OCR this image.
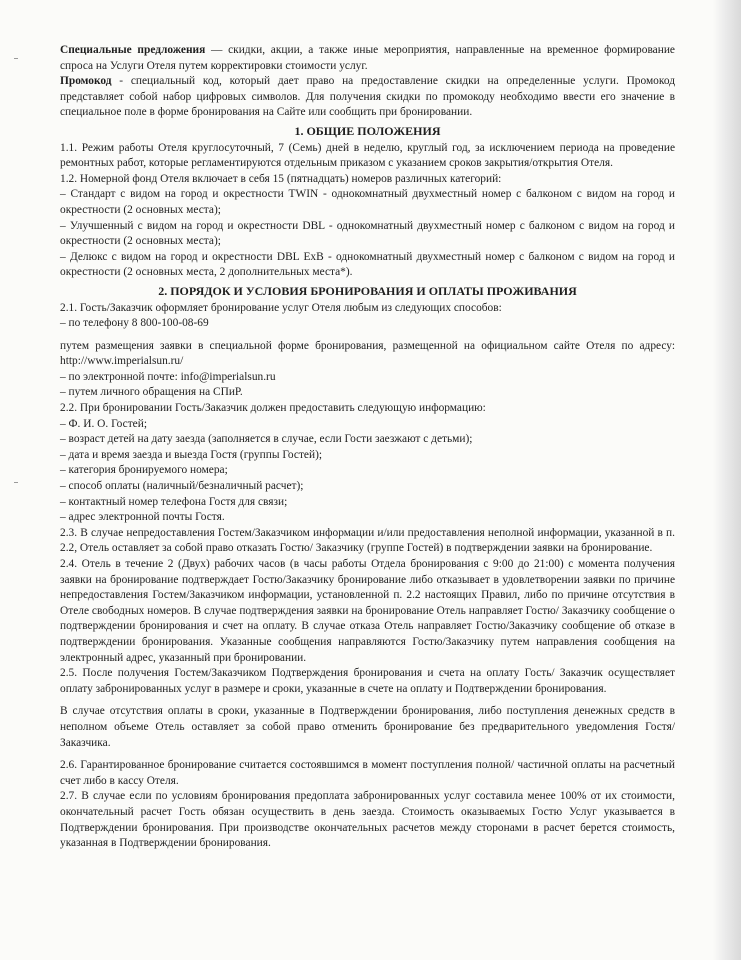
Специальные предложения — скидки, акции, а также иные мероприятия, направленные на временное формирование спроса на Услуги Отеля путем корректировки стоимости услуг.

Промокод - специальный код, который дает право на предоставление скидки на определенные услуги. Промокод представляет собой набор цифровых символов. Для получения скидки по промокоду необходимо ввести его значение в специальное поле в форме бронирования на Сайте или сообщить при бронировании.

1. ОБЩИЕ ПОЛОЖЕНИЯ

1.1. Режим работы Отеля круглосуточный, 7 (Семь) дней в неделю, круглый год, за исключением периода на проведение ремонтных работ, которые регламентируются отдельным приказом с указанием сроков закрытия/открытия Отеля.

1.2. Номерной фонд Отеля включает в себя 15 (пятнадцать) номеров различных категорий:

– Стандарт с видом на город и окрестности TWIN - однокомнатный двухместный номер с балконом с видом на город и окрестности (2 основных места);

– Улучшенный с видом на город и окрестности DBL - однокомнатный двухместный номер с балконом с видом на город и окрестности (2 основных места);

– Делюкс с видом на город и окрестности DBL ExB - однокомнатный двухместный номер с балконом с видом на город и окрестности (2 основных места, 2 дополнительных места*).

2. ПОРЯДОК И УСЛОВИЯ БРОНИРОВАНИЯ И ОПЛАТЫ ПРОЖИВАНИЯ

2.1. Гость/Заказчик оформляет бронирование услуг Отеля любым из следующих способов:

– по телефону 8 800-100-08-69

путем размещения заявки в специальной форме бронирования, размещенной на официальном сайте Отеля по адресу: http://www.imperialsun.ru/

– по электронной почте: info@imperialsun.ru

– путем личного обращения на СПиР.

2.2. При бронировании Гость/Заказчик должен предоставить следующую информацию:

– Ф. И. О. Гостей;

– возраст детей на дату заезда (заполняется в случае, если Гости заезжают с детьми);

– дата и время заезда и выезда Гостя (группы Гостей);

– категория бронируемого номера;

– способ оплаты (наличный/безналичный расчет);

– контактный номер телефона Гостя для связи;

– адрес электронной почты Гостя.

2.3. В случае непредоставления Гостем/Заказчиком информации и/или предоставления неполной информации, указанной в п. 2.2, Отель оставляет за собой право отказать Гостю/ Заказчику (группе Гостей) в подтверждении заявки на бронирование.

2.4. Отель в течение 2 (Двух) рабочих часов (в часы работы Отдела бронирования с 9:00 до 21:00) с момента получения заявки на бронирование подтверждает Гостю/Заказчику бронирование либо отказывает в удовлетворении заявки по причине непредоставления Гостем/Заказчиком информации, установленной п. 2.2 настоящих Правил, либо по причине отсутствия в Отеле свободных номеров. В случае подтверждения заявки на бронирование Отель направляет Гостю/ Заказчику сообщение о подтверждении бронирования и счет на оплату. В случае отказа Отель направляет Гостю/Заказчику сообщение об отказе в подтверждении бронирования. Указанные сообщения направляются Гостю/Заказчику путем направления сообщения на электронный адрес, указанный при бронировании.

2.5. После получения Гостем/Заказчиком Подтверждения бронирования и счета на оплату Гость/ Заказчик осуществляет оплату забронированных услуг в размере и сроки, указанные в счете на оплату и Подтверждении бронирования.

В случае отсутствия оплаты в сроки, указанные в Подтверждении бронирования, либо поступления денежных средств в неполном объеме Отель оставляет за собой право отменить бронирование без предварительного уведомления Гостя/Заказчика.

2.6. Гарантированное бронирование считается состоявшимся в момент поступления полной/ частичной оплаты на расчетный счет либо в кассу Отеля.

2.7. В случае если по условиям бронирования предоплата забронированных услуг составила менее 100% от их стоимости, окончательный расчет Гость обязан осуществить в день заезда. Стоимость оказываемых Гостю Услуг указывается в Подтверждении бронирования. При производстве окончательных расчетов между сторонами в расчет берется стоимость, указанная в Подтверждении бронирования.
